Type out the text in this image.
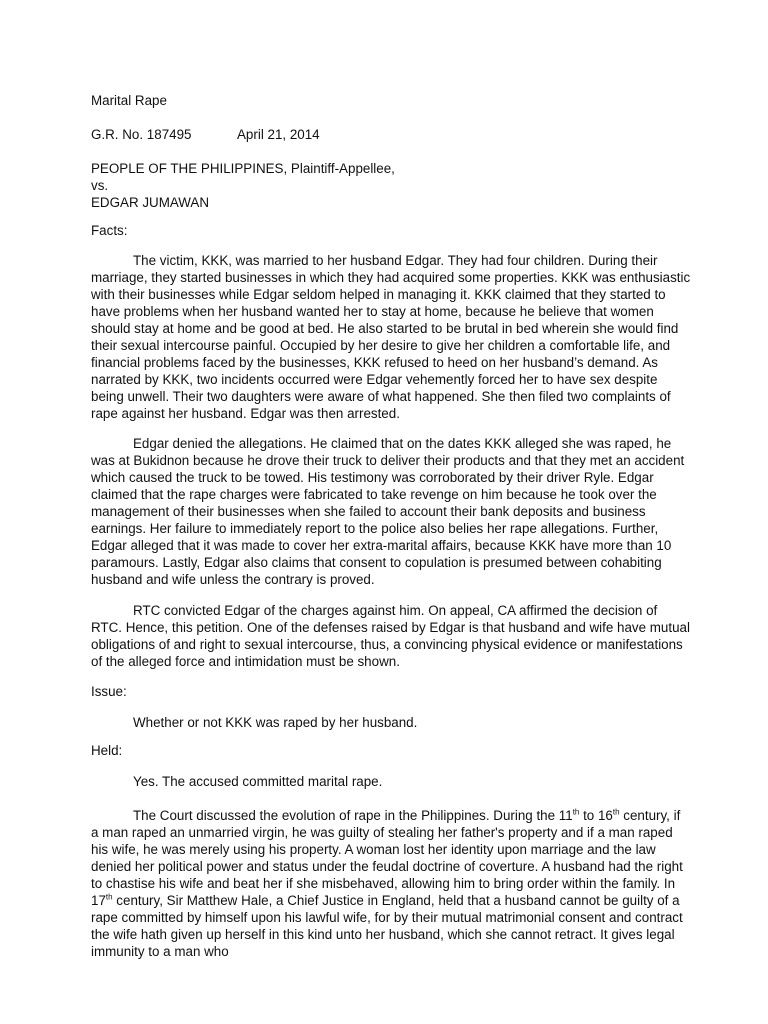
Marital Rape

G.R. No. 187495	April 21, 2014
PEOPLE OF THE PHILIPPINES, Plaintiff-Appellee,
vs.
EDGAR JUMAWAN

Facts:

The victim, KKK, was married to her husband Edgar. They had four children. During their marriage, they started businesses in which they had acquired some properties. KKK was enthusiastic with their businesses while Edgar seldom helped in managing it. KKK claimed that they started to have problems when her husband wanted her to stay at home, because he believe that women should stay at home and be good at bed. He also started to be brutal in bed wherein she would find their sexual intercourse painful. Occupied by her desire to give her children a comfortable life, and financial problems faced by the businesses, KKK refused to heed on her husband’s demand. As narrated by KKK, two incidents occurred were Edgar vehemently forced her to have sex despite being unwell. Their two daughters were aware of what happened. She then filed two complaints of rape against her husband. Edgar was then arrested.

Edgar denied the allegations. He claimed that on the dates KKK alleged she was raped, he was at Bukidnon because he drove their truck to deliver their products and that they met an accident which caused the truck to be towed. His testimony was corroborated by their driver Ryle. Edgar claimed that the rape charges were fabricated to take revenge on him because he took over the management of their businesses when she failed to account their bank deposits and business earnings. Her failure to immediately report to the police also belies her rape allegations. Further, Edgar alleged that it was made to cover her extra-marital affairs, because KKK have more than 10 paramours. Lastly, Edgar also claims that consent to copulation is presumed between cohabiting husband and wife unless the contrary is proved.

RTC convicted Edgar of the charges against him. On appeal, CA affirmed the decision of RTC. Hence, this petition. One of the defenses raised by Edgar is that husband and wife have mutual obligations of and right to sexual intercourse, thus, a convincing physical evidence or manifestations of the alleged force and intimidation must be shown.

Issue:

Whether or not KKK was raped by her husband.

Held:

Yes. The accused committed marital rape.

The Court discussed the evolution of rape in the Philippines. During the 11th to 16th century, if a man raped an unmarried virgin, he was guilty of stealing her father's property and if a man raped his wife, he was merely using his property. A woman lost her identity upon marriage and the law denied her political power and status under the feudal doctrine of coverture. A husband had the right to chastise his wife and beat her if she misbehaved, allowing him to bring order within the family. In 17th century, Sir Matthew Hale, a Chief Justice in England, held that a husband cannot be guilty of a rape committed by himself upon his lawful wife, for by their mutual matrimonial consent and contract the wife hath given up herself in this kind unto her husband, which she cannot retract. It gives legal immunity to a man who
